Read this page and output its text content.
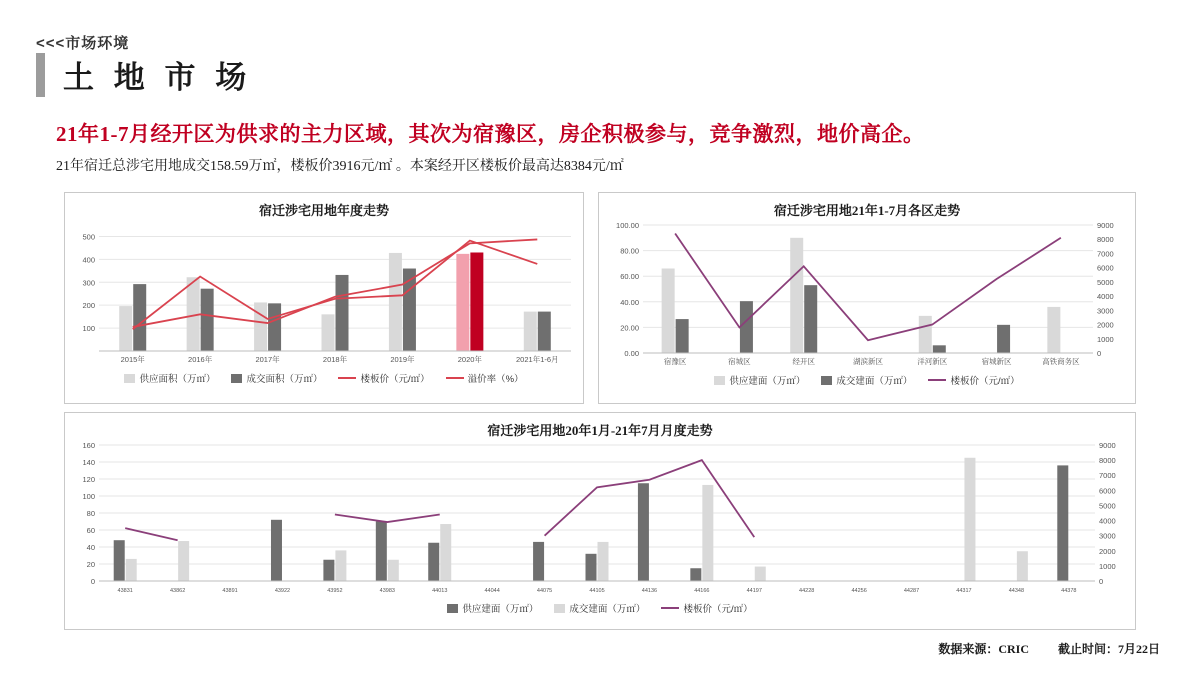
<<<市场环境
土 地 市 场
21年1-7月经开区为供求的主力区域，其次为宿豫区，房企积极参与，竞争激烈，地价高企。
21年宿迁总涉宅用地成交158.59万㎡，楼板价3916元/㎡ 。本案经开区楼板价最高达8384元/㎡
宿迁涉宅用地年度走势
100
200
300
400
500
2015年	2016年	2017年	2018年	2019年	2020年	2021年1-6月
供应面积（万㎡）	成交面积（万㎡）	楼板价（元/㎡）	溢价率（%）
宿迁涉宅用地21年1-7月各区走势
0.00
20.00
40.00
60.00
80.00
100.00
0
1000
2000
3000
4000
5000
6000
7000
8000
9000
宿豫区	宿城区	经开区	湖滨新区	洋河新区	宿城新区	高铁商务区
供应建面（万㎡）	成交建面（万㎡）	楼板价（元/㎡）
宿迁涉宅用地20年1月-21年7月月度走势
0
20
40
60
80
100
120
140
160
0
1000
2000
3000
4000
5000
6000
7000
8000
9000
43831	43862	43891	43922	43952	43983	44013	44044	44075	44105	44136	44166	44197	44228	44256	44287	44317	44348	44378
供应建面（万㎡）	成交建面（万㎡）	楼板价（元/㎡）
数据来源：CRIC 截止时间：7月22日
